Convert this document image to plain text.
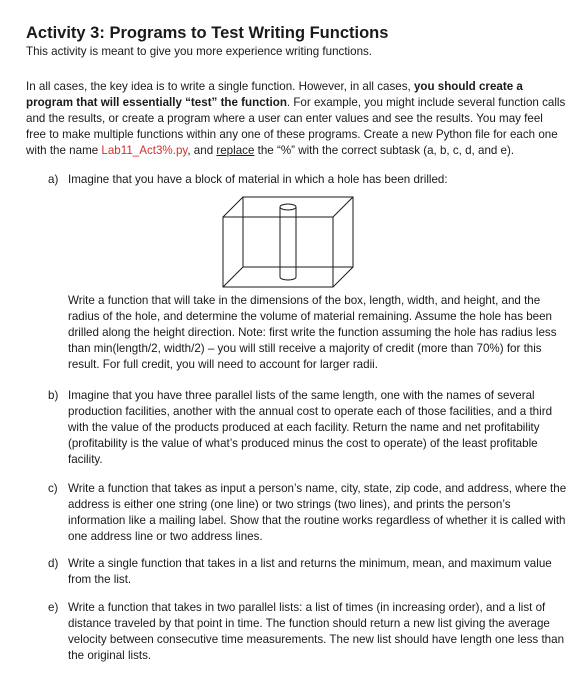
Activity 3: Programs to Test Writing Functions
This activity is meant to give you more experience writing functions.
In all cases, the key idea is to write a single function. However, in all cases, you should create a program that will essentially “test” the function. For example, you might include several function calls and the results, or create a program where a user can enter values and see the results. You may feel free to make multiple functions within any one of these programs. Create a new Python file for each one with the name Lab11_Act3%.py, and replace the “%” with the correct subtask (a, b, c, d, and e).
a) Imagine that you have a block of material in which a hole has been drilled:
Write a function that will take in the dimensions of the box, length, width, and height, and the radius of the hole, and determine the volume of material remaining. Assume the hole has been drilled along the height direction. Note: first write the function assuming the hole has radius less than min(length/2, width/2) – you will still receive a majority of credit (more than 70%) for this result. For full credit, you will need to account for larger radii.
b) Imagine that you have three parallel lists of the same length, one with the names of several production facilities, another with the annual cost to operate each of those facilities, and a third with the value of the products produced at each facility. Return the name and net profitability (profitability is the value of what’s produced minus the cost to operate) of the least profitable facility.
c) Write a function that takes as input a person’s name, city, state, zip code, and address, where the address is either one string (one line) or two strings (two lines), and prints the person’s information like a mailing label. Show that the routine works regardless of whether it is called with one address line or two address lines.
d) Write a single function that takes in a list and returns the minimum, mean, and maximum value from the list.
e) Write a function that takes in two parallel lists: a list of times (in increasing order), and a list of distance traveled by that point in time. The function should return a new list giving the average velocity between consecutive time measurements. The new list should have length one less than the original lists.
